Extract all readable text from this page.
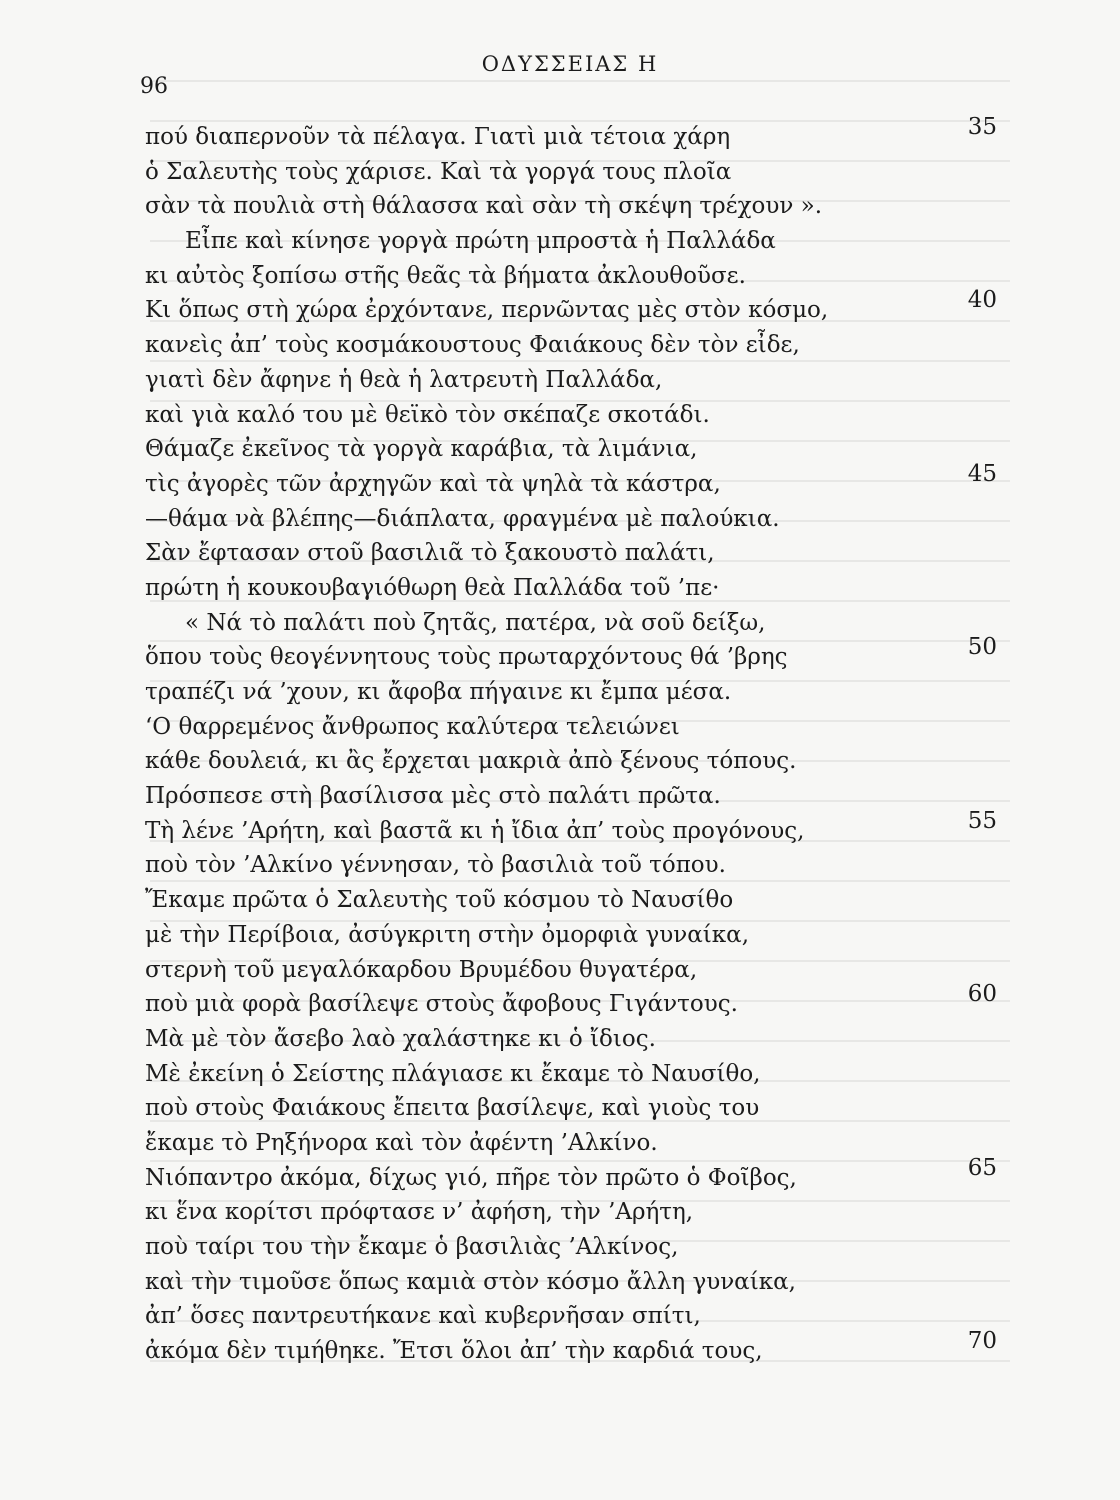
96
ΟΔΥΣΣΕΙΑΣ Η
πού διαπερνοῦν τὰ πέλαγα. Γιατὶ μιὰ τέτοια χάρη	35
ὁ Σαλευτὴς τοὺς χάρισε. Καὶ τὰ γοργά τους πλοῖα
σὰν τὰ πουλιὰ στὴ θάλασσα καὶ σὰν τὴ σκέψη τρέχουν ».
Εἶπε καὶ κίνησε γοργὰ πρώτη μπροστὰ ἡ Παλλάδα
κι αὐτὸς ξοπίσω στῆς θεᾶς τὰ βήματα ἀκλουθοῦσε.
Κι ὅπως στὴ χώρα ἐρχόντανε, περνῶντας μὲς στὸν κόσμο,	40
κανεὶς ἀπ’ τοὺς κοσμάκουστους Φαιάκους δὲν τὸν εἶδε,
γιατὶ δὲν ἄφηνε ἡ θεὰ ἡ λατρευτὴ Παλλάδα,
καὶ γιὰ καλό του μὲ θεϊκὸ τὸν σκέπαζε σκοτάδι.
Θάμαζε ἐκεῖνος τὰ γοργὰ καράβια, τὰ λιμάνια,
τὶς ἀγορὲς τῶν ἀρχηγῶν καὶ τὰ ψηλὰ τὰ κάστρα,	45
—θάμα νὰ βλέπης—διάπλατα, φραγμένα μὲ παλούκια.
Σὰν ἔφτασαν στοῦ βασιλιᾶ τὸ ξακουστὸ παλάτι,
πρώτη ἡ κουκουβαγιόθωρη θεὰ Παλλάδα τοῦ ’πε·
« Νά τὸ παλάτι ποὺ ζητᾶς, πατέρα, νὰ σοῦ δείξω,
ὅπου τοὺς θεογέννητους τοὺς πρωταρχόντους θά ’βρης	50
τραπέζι νά ’χουν, κι ἄφοβα πήγαινε κι ἔμπα μέσα.
‘Ο θαρρεμένος ἄνθρωπος καλύτερα τελειώνει
κάθε δουλειά, κι ἂς ἔρχεται μακριὰ ἀπὸ ξένους τόπους.
Πρόσπεσε στὴ βασίλισσα μὲς στὸ παλάτι πρῶτα.
Τὴ λένε ’Αρήτη, καὶ βαστᾶ κι ἡ ἴδια ἀπ’ τοὺς προγόνους,	55
ποὺ τὸν ’Αλκίνο γέννησαν, τὸ βασιλιὰ τοῦ τόπου.
Ἔκαμε πρῶτα ὁ Σαλευτὴς τοῦ κόσμου τὸ Ναυσίθο
μὲ τὴν Περίβοια, ἀσύγκριτη στὴν ὀμορφιὰ γυναίκα,
στερνὴ τοῦ μεγαλόκαρδου Βρυμέδου θυγατέρα,
ποὺ μιὰ φορὰ βασίλεψε στοὺς ἄφοβους Γιγάντους.	60
Μὰ μὲ τὸν ἄσεβο λαὸ χαλάστηκε κι ὁ ἴδιος.
Μὲ ἐκείνη ὁ Σείστης πλάγιασε κι ἔκαμε τὸ Ναυσίθο,
ποὺ στοὺς Φαιάκους ἔπειτα βασίλεψε, καὶ γιοὺς του
ἔκαμε τὸ Ρηξήνορα καὶ τὸν ἀφέντη ’Αλκίνο.
Νιόπαντρο ἀκόμα, δίχως γιό, πῆρε τὸν πρῶτο ὁ Φοῖβος,	65
κι ἕνα κορίτσι πρόφτασε ν’ ἀφήση, τὴν ’Αρήτη,
ποὺ ταίρι του τὴν ἔκαμε ὁ βασιλιὰς ’Αλκίνος,
καὶ τὴν τιμοῦσε ὅπως καμιὰ στὸν κόσμο ἄλλη γυναίκα,
ἀπ’ ὅσες παντρευτήκανε καὶ κυβερνῆσαν σπίτι,
ἀκόμα δὲν τιμήθηκε. Ἔτσι ὅλοι ἀπ’ τὴν καρδιά τους,	70
